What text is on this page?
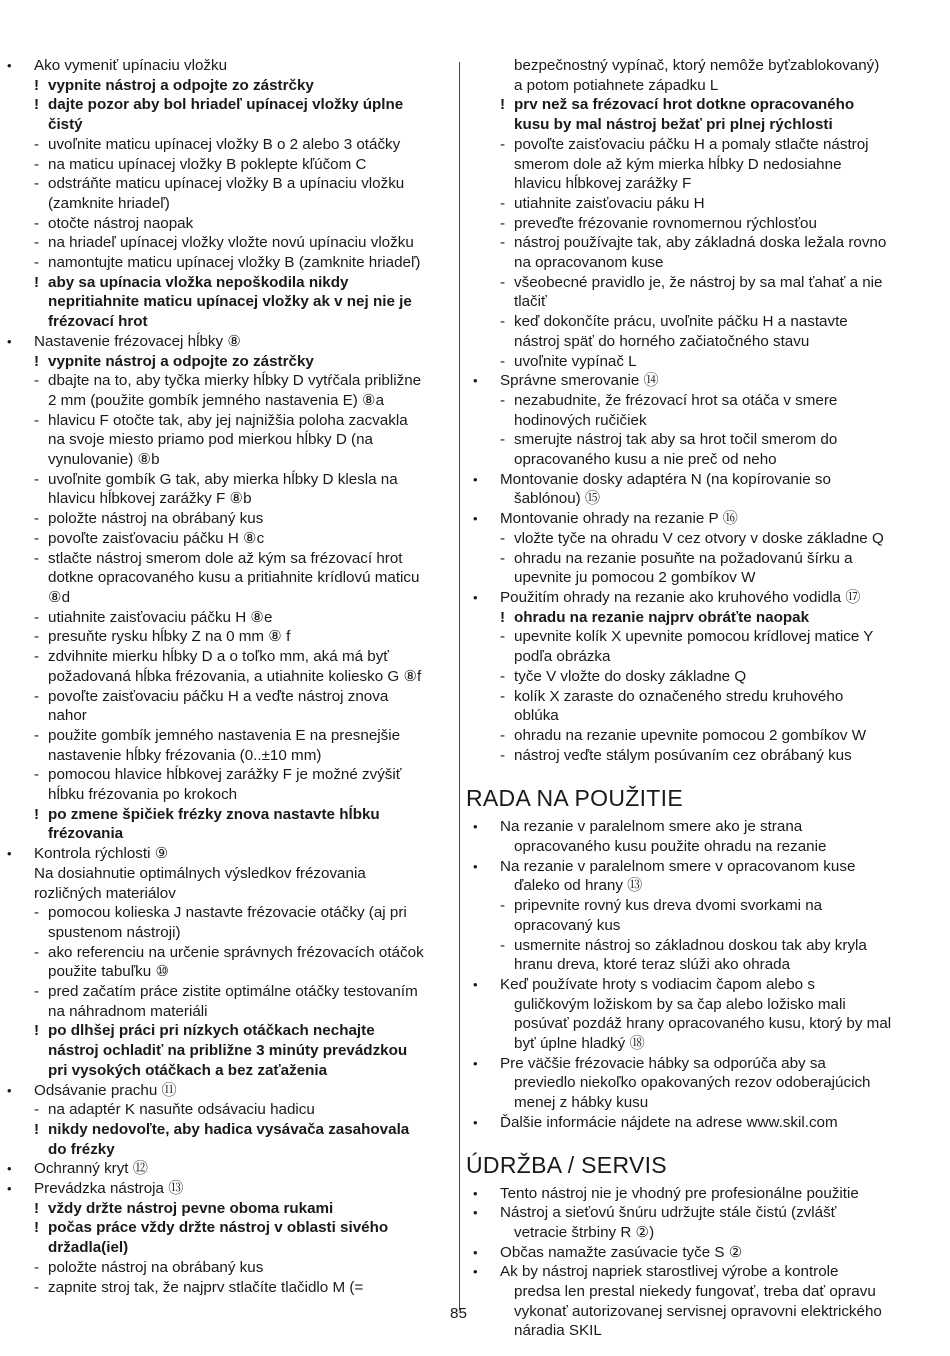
• Ako vymeniť upínaciu vložku
! vypnite nástroj a odpojte zo zástrčky
! dajte pozor aby bol hriadeľ upínacej vložky úplne
čistý
- uvoľnite maticu upínacej vložky B o 2 alebo 3 otáčky
- na maticu upínacej vložky B poklepte kľúčom C
- odstráňte maticu upínacej vložky B a upínaciu vložku
(zamknite hriadeľ)
- otočte nástroj naopak
- na hriadeľ upínacej vložky vložte novú upínaciu vložku
- namontujte maticu upínacej vložky B (zamknite hriadeľ)
! aby sa upínacia vložka nepoškodila nikdy
nepritiahnite maticu upínacej vložky ak v nej nie je
frézovací hrot
• Nastavenie frézovacej hĺbky ⑧
! vypnite nástroj a odpojte zo zástrčky
- dbajte na to, aby tyčka mierky hĺbky D vytŕčala približne
2 mm (použite gombík jemného nastavenia E) ⑧a
- hlavicu F otočte tak, aby jej najnižšia poloha zacvakla
na svoje miesto priamo pod mierkou hĺbky D (na
vynulovanie) ⑧b
- uvoľnite gombík G tak, aby mierka hĺbky D klesla na
hlavicu hĺbkovej zarážky F ⑧b
- položte nástroj na obrábaný kus
- povoľte zaisťovaciu páčku H ⑧c
- stlačte nástroj smerom dole až kým sa frézovací hrot
dotkne opracovaného kusu a pritiahnite krídlovú maticu
⑧d
- utiahnite zaisťovaciu páčku H ⑧e
- presuňte rysku hĺbky Z na 0 mm ⑧ f
- zdvihnite mierku hĺbky D a o toľko mm, aká má byť
požadovaná hĺbka frézovania, a utiahnite koliesko G ⑧f
- povoľte zaisťovaciu páčku H a veďte nástroj znova
nahor
- použite gombík jemného nastavenia E na presnejšie
nastavenie hĺbky frézovania (0..±10 mm)
- pomocou hlavice hĺbkovej zarážky F je možné zvýšiť
hĺbku frézovania po krokoch
! po zmene špičiek frézky znova nastavte hĺbku
frézovania
• Kontrola rýchlosti ⑨
Na dosiahnutie optimálnych výsledkov frézovania
rozličných materiálov
- pomocou kolieska J nastavte frézovacie otáčky (aj pri
spustenom nástroji)
- ako referenciu na určenie správnych frézovacích otáčok
použite tabuľku ⑩
- pred začatím práce zistite optimálne otáčky testovaním
na náhradnom materiáli
! po dlhšej práci pri nízkych otáčkach nechajte
nástroj ochladiť na približne 3 minúty prevádzkou
pri vysokých otáčkach a bez zaťaženia
• Odsávanie prachu ⑪
- na adaptér K nasuňte odsávaciu hadicu
! nikdy nedovoľte, aby hadica vysávača zasahovala
do frézky
• Ochranný kryt ⑫
• Prevádzka nástroja ⑬
! vždy držte nástroj pevne oboma rukami
! počas práce vždy držte nástroj v oblasti sivého
držadla(iel)
- položte nástroj na obrábaný kus
- zapnite stroj tak, že najprv stlačíte tlačidlo M (=
bezpečnostný vypínač, ktorý nemôže byťzablokovaný)
a potom potiahnete západku L
! prv než sa frézovací hrot dotkne opracovaného
kusu by mal nástroj bežať pri plnej rýchlosti
- povoľte zaisťovaciu páčku H a pomaly stlačte nástroj
smerom dole až kým mierka hĺbky D nedosiahne
hlavicu hĺbkovej zarážky F
- utiahnite zaisťovaciu páku H
- preveďte frézovanie rovnomernou rýchlosťou
- nástroj používajte tak, aby základná doska ležala rovno
na opracovanom kuse
- všeobecné pravidlo je, že nástroj by sa mal ťahať a nie
tlačiť
- keď dokončíte prácu, uvoľnite páčku H a nastavte
nástroj späť do horného začiatočného stavu
- uvoľnite vypínač L
• Správne smerovanie ⑭
- nezabudnite, že frézovací hrot sa otáča v smere
hodinových ručičiek
- smerujte nástroj tak aby sa hrot točil smerom do
opracovaného kusu a nie preč od neho
• Montovanie dosky adaptéra N (na kopírovanie so
šablónou) ⑮
• Montovanie ohrady na rezanie P ⑯
- vložte tyče na ohradu V cez otvory v doske základne Q
- ohradu na rezanie posuňte na požadovanú šírku a
upevnite ju pomocou 2 gombíkov W
• Použitím ohrady na rezanie ako kruhového vodidla ⑰
! ohradu na rezanie najprv obráťte naopak
- upevnite kolík X upevnite pomocou krídlovej matice Y
podľa obrázka
- tyče V vložte do dosky základne Q
- kolík X zaraste do označeného stredu kruhového
oblúka
- ohradu na rezanie upevnite pomocou 2 gombíkov W
- nástroj veďte stálym posúvaním cez obrábaný kus
RADA NA POUŽITIE
• Na rezanie v paralelnom smere ako je strana
opracovaného kusu použite ohradu na rezanie
• Na rezanie v paralelnom smere v opracovanom kuse
ďaleko od hrany ⑬
- pripevnite rovný kus dreva dvomi svorkami na
opracovaný kus
- usmernite nástroj so základnou doskou tak aby kryla
hranu dreva, ktoré teraz slúži ako ohrada
• Keď používate hroty s vodiacim čapom alebo s
guličkovým ložiskom by sa čap alebo ložisko mali
posúvať pozdáž hrany opracovaného kusu, ktorý by mal
byť úplne hladký ⑱
• Pre väčšie frézovacie hábky sa odporúča aby sa
previedlo niekoľko opakovaných rezov odoberajúcich
menej z hábky kusu
• Ďalšie informácie nájdete na adrese www.skil.com
ÚDRŽBA / SERVIS
• Tento nástroj nie je vhodný pre profesionálne použitie
• Nástroj a sieťovú šnúru udržujte stále čistú (zvlášť
vetracie štrbiny R ②)
• Občas namažte zasúvacie tyče S ②
• Ak by nástroj napriek starostlivej výrobe a kontrole
predsa len prestal niekedy fungovať, treba dať opravu
vykonať autorizovanej servisnej opravovni elektrického
náradia SKIL
85
